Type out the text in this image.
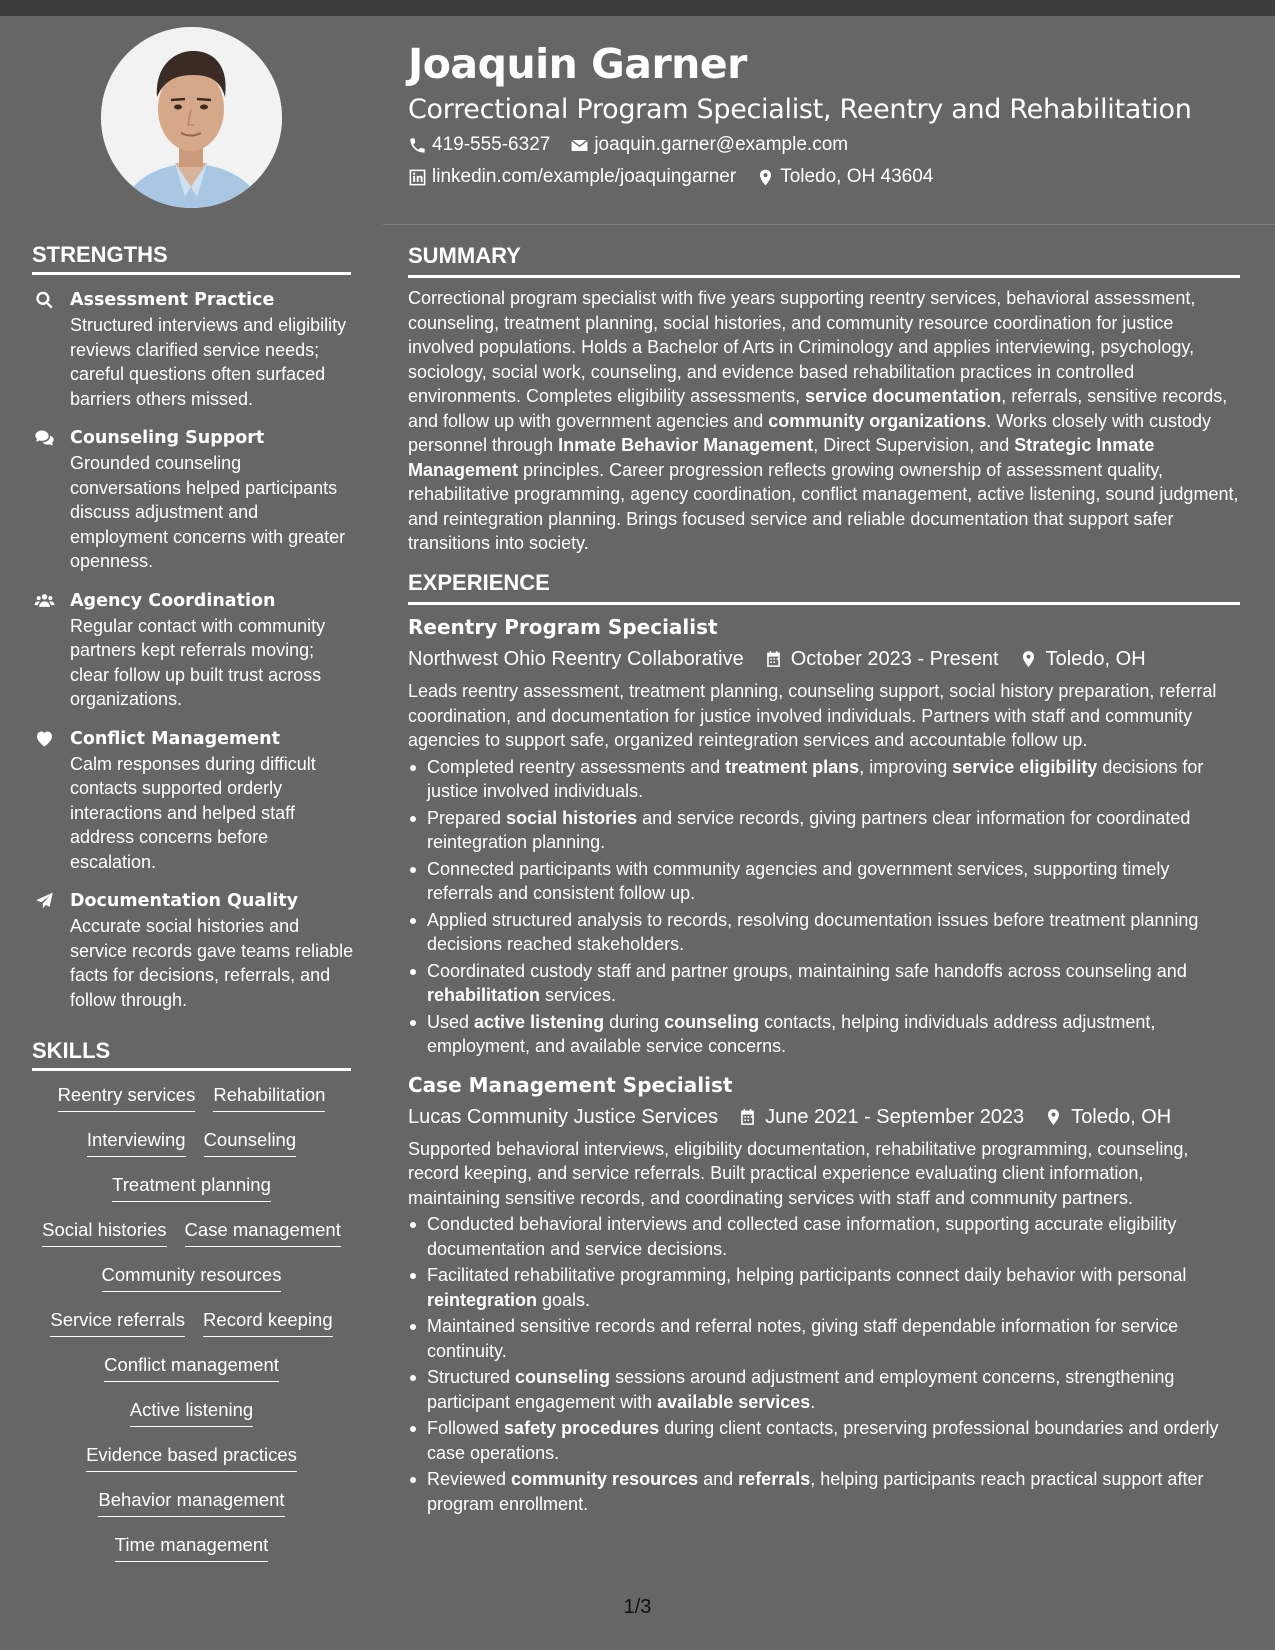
Joaquin Garner
Correctional Program Specialist, Reentry and Rehabilitation
419-555-6327 joaquin.garner@example.com
linkedin.com/example/joaquingarner Toledo, OH 43604
STRENGTHS
Assessment Practice
Structured interviews and eligibility reviews clarified service needs; careful questions often surfaced barriers others missed.
Counseling Support
Grounded counseling conversations helped participants discuss adjustment and employment concerns with greater openness.
Agency Coordination
Regular contact with community partners kept referrals moving; clear follow up built trust across organizations.
Conflict Management
Calm responses during difficult contacts supported orderly interactions and helped staff address concerns before escalation.
Documentation Quality
Accurate social histories and service records gave teams reliable facts for decisions, referrals, and follow through.
SKILLS
Reentry services Rehabilitation
Interviewing Counseling
Treatment planning
Social histories Case management
Community resources
Service referrals Record keeping
Conflict management
Active listening
Evidence based practices
Behavior management
Time management
SUMMARY

Correctional program specialist with five years supporting reentry services, behavioral assessment, counseling, treatment planning, social histories, and community resource coordination for justice involved populations. Holds a Bachelor of Arts in Criminology and applies interviewing, psychology, sociology, social work, counseling, and evidence based rehabilitation practices in controlled environments. Completes eligibility assessments, service documentation, referrals, sensitive records, and follow up with government agencies and community organizations. Works closely with custody personnel through Inmate Behavior Management, Direct Supervision, and Strategic Inmate Management principles. Career progression reflects growing ownership of assessment quality, rehabilitative programming, agency coordination, conflict management, active listening, sound judgment, and reintegration planning. Brings focused service and reliable documentation that support safer transitions into society.

EXPERIENCE
Reentry Program Specialist
Northwest Ohio Reentry Collaborative October 2023 - Present Toledo, OH

Leads reentry assessment, treatment planning, counseling support, social history preparation, referral coordination, and documentation for justice involved individuals. Partners with staff and community agencies to support safe, organized reintegration services and accountable follow up.

Completed reentry assessments and treatment plans, improving service eligibility decisions for justice involved individuals.
Prepared social histories and service records, giving partners clear information for coordinated reintegration planning.
Connected participants with community agencies and government services, supporting timely referrals and consistent follow up.
Applied structured analysis to records, resolving documentation issues before treatment planning decisions reached stakeholders.
Coordinated custody staff and partner groups, maintaining safe handoffs across counseling and rehabilitation services.
Used active listening during counseling contacts, helping individuals address adjustment, employment, and available service concerns.
Case Management Specialist
Lucas Community Justice Services June 2021 - September 2023 Toledo, OH

Supported behavioral interviews, eligibility documentation, rehabilitative programming, counseling, record keeping, and service referrals. Built practical experience evaluating client information, maintaining sensitive records, and coordinating services with staff and community partners.

Conducted behavioral interviews and collected case information, supporting accurate eligibility documentation and service decisions.
Facilitated rehabilitative programming, helping participants connect daily behavior with personal reintegration goals.
Maintained sensitive records and referral notes, giving staff dependable information for service continuity.
Structured counseling sessions around adjustment and employment concerns, strengthening participant engagement with available services.
Followed safety procedures during client contacts, preserving professional boundaries and orderly case operations.
Reviewed community resources and referrals, helping participants reach practical support after program enrollment.
1/3
